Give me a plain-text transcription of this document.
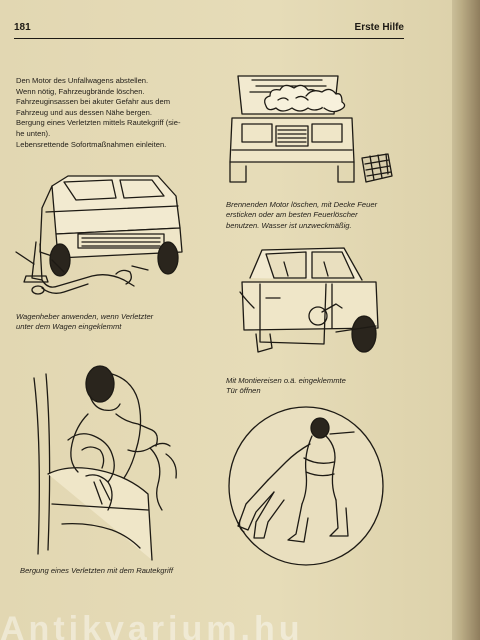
181	Erste Hilfe

Den Motor des Unfallwagens abstellen.
Wenn nötig, Fahrzeugbrände löschen.
Fahrzeuginsassen bei akuter Gefahr aus dem
Fahrzeug und aus dessen Nähe bergen.
Bergung eines Verletzten mittels Rautekgriff (sie-
he unten).
Lebensrettende Sofortmaßnahmen einleiten.

Brennenden Motor löschen, mit Decke Feuer
ersticken oder am besten Feuerlöscher
benutzen. Wasser ist unzweckmäßig.

Wagenheber anwenden, wenn Verletzter
unter dem Wagen eingeklemmt

Mit Montiereisen o.ä. eingeklemmte
Tür öffnen

Bergung eines Verletzten mit dem Rautekgriff

Antikvarium.hu
